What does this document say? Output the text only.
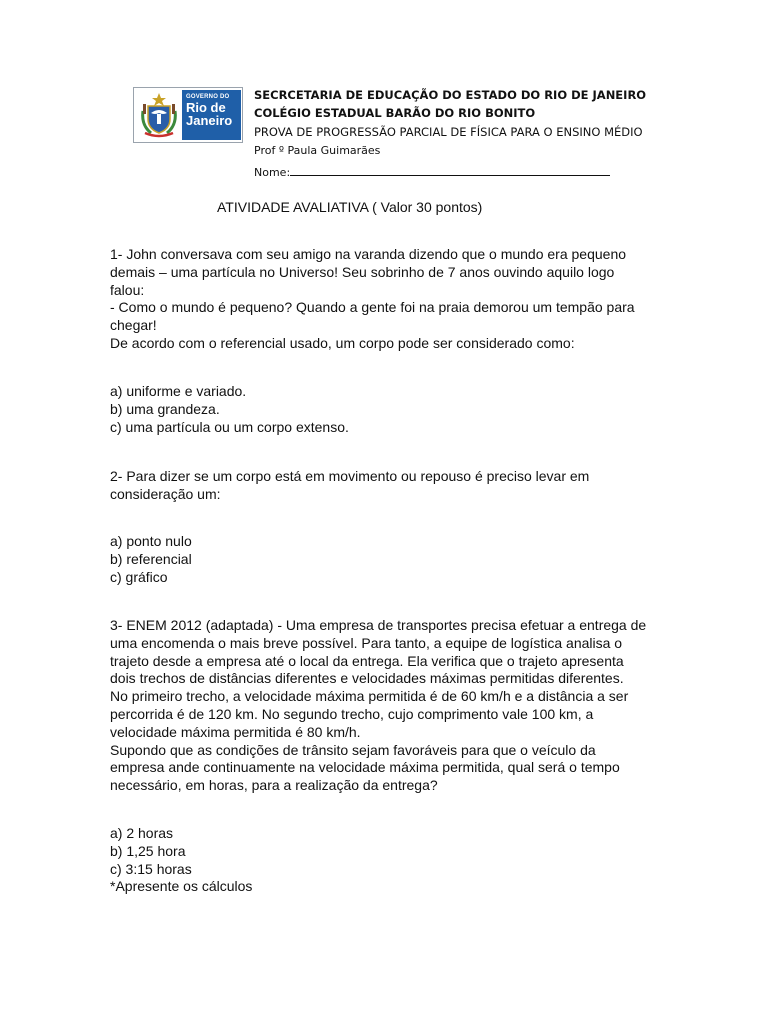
GOVERNO DO
Rio de
Janeiro
SECRCETARIA DE EDUCAÇÃO DO ESTADO DO RIO DE JANEIRO
COLÉGIO ESTADUAL BARÃO DO RIO BONITO
PROVA DE PROGRESSÃO PARCIAL DE FÍSICA PARA O ENSINO MÉDIO
Prof º Paula Guimarães
Nome:
ATIVIDADE AVALIATIVA ( Valor 30 pontos)

1- John conversava com seu amigo na varanda dizendo que o mundo era pequeno

demais – uma partícula no Universo! Seu sobrinho de 7 anos ouvindo aquilo logo

falou:

- Como o mundo é pequeno? Quando a gente foi na praia demorou um tempão para

chegar!

De acordo com o referencial usado, um corpo pode ser considerado como:

a) uniforme e variado.

b) uma grandeza.

c) uma partícula ou um corpo extenso.

2- Para dizer se um corpo está em movimento ou repouso é preciso levar em

consideração um:

a) ponto nulo

b) referencial

c) gráfico

3- ENEM 2012 (adaptada) - Uma empresa de transportes precisa efetuar a entrega de

uma encomenda o mais breve possível. Para tanto, a equipe de logística analisa o

trajeto desde a empresa até o local da entrega. Ela verifica que o trajeto apresenta

dois trechos de distâncias diferentes e velocidades máximas permitidas diferentes.

No primeiro trecho, a velocidade máxima permitida é de 60 km/h e a distância a ser

percorrida é de 120 km. No segundo trecho, cujo comprimento vale 100 km, a

velocidade máxima permitida é 80 km/h.

Supondo que as condições de trânsito sejam favoráveis para que o veículo da

empresa ande continuamente na velocidade máxima permitida, qual será o tempo

necessário, em horas, para a realização da entrega?

a) 2 horas

b) 1,25 hora

c) 3:15 horas

*Apresente os cálculos
